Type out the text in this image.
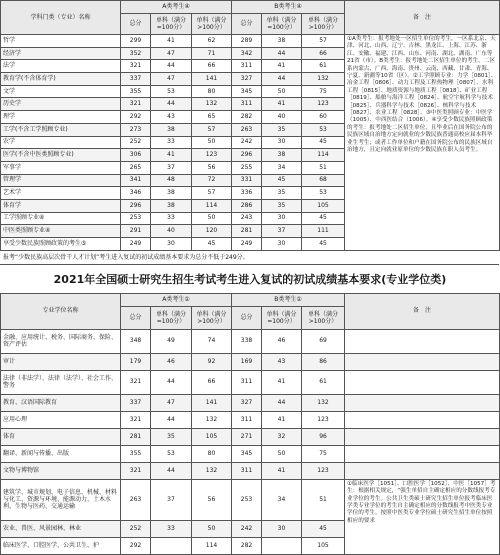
学科门类（专业）名称	A类考生④			B类考生④			备　注
	总分	单科（满分=100分）	单科（满分>100分）	总分	单科（满分=100分）	单科（满分>100分）	
哲学	299	41	62	289	38	57	①A类考生：报考地处一区招生单位的考生。一区系北京、天津、河北、山西、辽宁、吉林、黑龙江、上海、江苏、浙江、安徽、福建、江西、山东、河南、湖北、湖南、广东等21省（市）。B类考生：报考地处二区招生单位的考生。二区系内蒙古、广西、海南、贵州、云南、西藏、甘肃、青海、宁夏、新疆等10省（区）。②工学照顾专业：力学［0801］、冶金工程［0806］、动力工程及工程热物理［0807］、水利工程［0815］、地质资源与地质工程［0818］、矿业工程［0819］、船舶与海洋工程［0824］、航空宇航科学与技术［0825］、兵器科学与技术［0826］、核科学与技术［0827］、农业工程［0828］。③中医类照顾专业：中医学（1005）、中西医结合（1006）。④享受少数民族照顾政策的考生：报考地处二区招生单位，且毕业后在国务院公布的民族区域自治地方定向就业的少数民族普通高校应届本科毕业生考生；或者工作单位和户籍在国务院公布的民族区域自治地方，且定向就业原单位的少数民族在职人员考生。
经济学	352	47	71	342	44	66	
法学	321	44	66	311	41	61	
教育学(不含体育学)	337	47	141	327	44	132	
文学	355	53	80	345	50	75	
历史学	321	44	132	311	41	123	
理学	292	43	65	282	40	60	
工学(不含工学照顾专业)	273	38	57	263	35	53	
农学	252	33	50	242	30	45	
医学(不含中医类照顾专业)	306	41	123	296	38	114	
军事学	265	37	56	255	34	51	
管理学	341	48	72	331	45	68	
艺术学	346	38	57	336	35	53	
体育学	296	38	114	286	35	105	
工学照顾专业④	253	33	50	243	30	45	
中医类照顾专业④	291	40	120	281	37	111	
享受少数民族照顾政策的考生⑤	249	30	45	249	30	45	
报考“少数民族高层次骨干人才计划”考生进入复试的初试成绩基本要求为总分不低于249分。
2021年全国硕士研究生招生考试考生进入复试的初试成绩基本要求(专业学位类)
专业学位名称	A类考生①			B类考生①			备　注
	总分	单科（满分=100分）	单科（满分>100分）	总分	单科（满分=100分）	单科（满分>100分）	
金融、应用统计、税务、国际商务、保险、资产评估	348	49	74	338	46	69	
审计	179	46	92	169	43	86	
法律（非法学）、法律（法学）、社会工作、警务	321	44	66	311	41	61	
教育、汉语国际教育	337	47	141	327	44	132	
应用心理	321	44	132	311	41	123	
体育	281	35	105	271	32	96	
翻译、新闻与传播、出版	355	53	80	345	50	75	
文物与博物馆	321	44	132	311	41	123	
建筑学、城市规划、电子信息、机械、材料与化工、资源与环境、能源动力、土木水利、生物与医药、交通运输	263	37	56	253	34	51	①临床医学［1051］、口腔医学［1052］、中医［1057］考生：根据相关规定，“强生单招自主确定相应的分数线报考专业学位的考生。公共卫生类硕士研究生招生单位报考临床医学类专业学位的考生自主确定相应的分数线报考中医类专业学位的考生。按照中医类专业学位硕士研究生招生单位按照相应的要求
农业、兽医、风景园林、林业	252	33	50	242	30	45	
临床医学、口腔医学、公共卫生、护	292		114	282		105	
